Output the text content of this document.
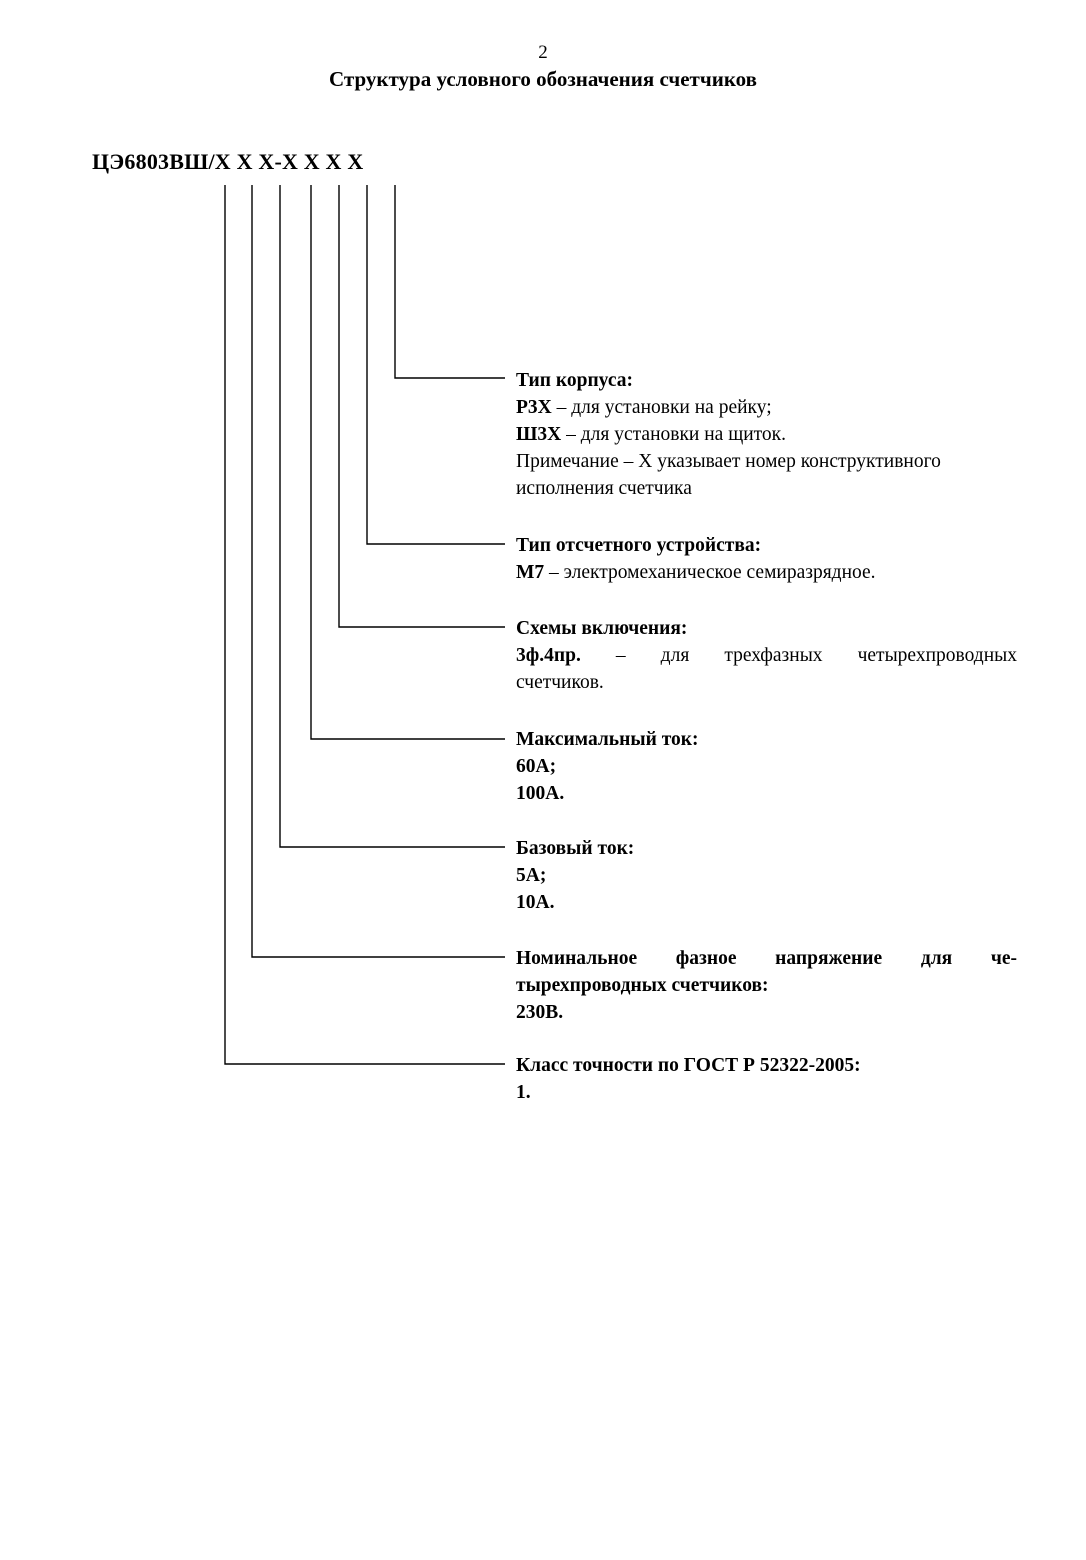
2
Структура условного обозначения счетчиков
ЦЭ6803ВШ/Х Х Х-Х Х Х Х
Тип корпуса:
Р3Х – для установки на рейку;
Ш3Х – для установки на щиток.
Примечание – Х указывает номер конструктивного
исполнения счетчика
Тип отсчетного устройства:
М7 – электромеханическое семиразрядное.
Схемы включения:
3ф.4пр. – для трехфазных четырехпроводных
счетчиков.
Максимальный ток:
60А;
100А.
Базовый ток:
5А;
10А.
Номинальное фазное напряжение для че-
тырехпроводных счетчиков:
230В.
Класс точности по ГОСТ Р 52322-2005:
1.
